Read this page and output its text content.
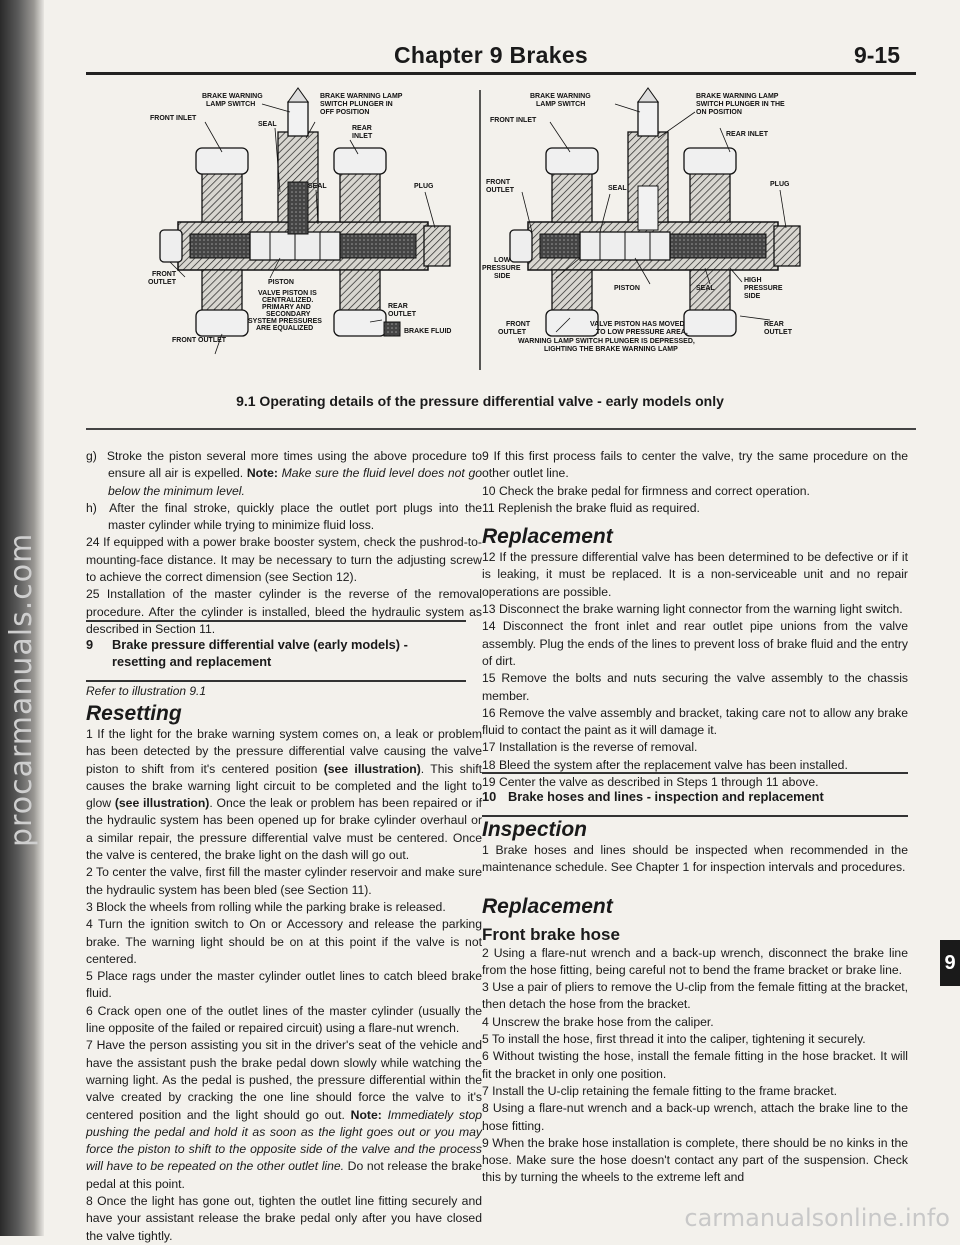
procarmanuals.com
Chapter 9 Brakes	9-15
BRAKE WARNING LAMP SWITCH
BRAKE WARNING LAMP SWITCH PLUNGER IN OFF POSITION
FRONT INLET
SEAL
REAR INLET
SEAL	PLUG
FRONT OUTLET	PISTON
VALVE PISTON IS CENTRALIZED. PRIMARY AND SECONDARY SYSTEM PRESSURES ARE EQUALIZED
FRONT OUTLET
REAR OUTLET
BRAKE FLUID
BRAKE WARNING LAMP SWITCH
BRAKE WARNING LAMP SWITCH PLUNGER IN THE ON POSITION
FRONT INLET
REAR INLET
FRONT OUTLET	SEAL
PLUG
LOW PRESSURE SIDE
PISTON	SEAL
HIGH PRESSURE SIDE
FRONT OUTLET
VALVE PISTON HAS MOVED TO LOW PRESSURE AREA.
REAR OUTLET
WARNING LAMP SWITCH PLUNGER IS DEPRESSED, LIGHTING THE BRAKE WARNING LAMP
9.1 Operating details of the pressure differential valve - early models only

g) Stroke the piston several more times using the above procedure to ensure all air is expelled. Note: Make sure the fluid level does not go below the minimum level.

h) After the final stroke, quickly place the outlet port plugs into the master cylinder while trying to minimize fluid loss.

24 If equipped with a power brake booster system, check the pushrod-to-mounting-face distance. It may be necessary to turn the adjusting screw to achieve the correct dimension (see Section 12).

25 Installation of the master cylinder is the reverse of the removal procedure. After the cylinder is installed, bleed the hydraulic system as described in Section 11.

9 Brake pressure differential valve (early models) - resetting and replacement
Refer to illustration 9.1
Resetting

1 If the light for the brake warning system comes on, a leak or problem has been detected by the pressure differential valve causing the valve piston to shift from it's centered position (see illustration). This shift causes the brake warning light circuit to be completed and the light to glow (see illustration). Once the leak or problem has been repaired or if the hydraulic system has been opened up for brake cylinder overhaul or a similar repair, the pressure differential valve must be centered. Once the valve is centered, the brake light on the dash will go out.

2 To center the valve, first fill the master cylinder reservoir and make sure the hydraulic system has been bled (see Section 11).

3 Block the wheels from rolling while the parking brake is released.

4 Turn the ignition switch to On or Accessory and release the parking brake. The warning light should be on at this point if the valve is not centered.

5 Place rags under the master cylinder outlet lines to catch bleed brake fluid.

6 Crack open one of the outlet lines of the master cylinder (usually the line opposite of the failed or repaired circuit) using a flare-nut wrench.

7 Have the person assisting you sit in the driver's seat of the vehicle and have the assistant push the brake pedal down slowly while watching the warning light. As the pedal is pushed, the pressure differential within the valve created by cracking the one line should force the valve to it's centered position and the light should go out. Note: Immediately stop pushing the pedal and hold it as soon as the light goes out or you may force the piston to shift to the opposite side of the valve and the process will have to be repeated on the other outlet line. Do not release the brake pedal at this point.

8 Once the light has gone out, tighten the outlet line fitting securely and have your assistant release the brake pedal only after you have closed the valve tightly.

9 If this first process fails to center the valve, try the same procedure on the other outlet line.

10 Check the brake pedal for firmness and correct operation.

11 Replenish the brake fluid as required.

Replacement

12 If the pressure differential valve has been determined to be defective or if it is leaking, it must be replaced. It is a non-serviceable unit and no repair operations are possible.

13 Disconnect the brake warning light connector from the warning light switch.

14 Disconnect the front inlet and rear outlet pipe unions from the valve assembly. Plug the ends of the lines to prevent loss of brake fluid and the entry of dirt.

15 Remove the bolts and nuts securing the valve assembly to the chassis member.

16 Remove the valve assembly and bracket, taking care not to allow any brake fluid to contact the paint as it will damage it.

17 Installation is the reverse of removal.

18 Bleed the system after the replacement valve has been installed.

19 Center the valve as described in Steps 1 through 11 above.

10 Brake hoses and lines - inspection and replacement
Inspection

1 Brake hoses and lines should be inspected when recommended in the maintenance schedule. See Chapter 1 for inspection intervals and procedures.

Replacement
Front brake hose

2 Using a flare-nut wrench and a back-up wrench, disconnect the brake line from the hose fitting, being careful not to bend the frame bracket or brake line.

3 Use a pair of pliers to remove the U-clip from the female fitting at the bracket, then detach the hose from the bracket.

4 Unscrew the brake hose from the caliper.

5 To install the hose, first thread it into the caliper, tightening it securely.

6 Without twisting the hose, install the female fitting in the hose bracket. It will fit the bracket in only one position.

7 Install the U-clip retaining the female fitting to the frame bracket.

8 Using a flare-nut wrench and a back-up wrench, attach the brake line to the hose fitting.

9 When the brake hose installation is complete, there should be no kinks in the hose. Make sure the hose doesn't contact any part of the suspension. Check this by turning the wheels to the extreme left and

9
carmanualsonline.info
